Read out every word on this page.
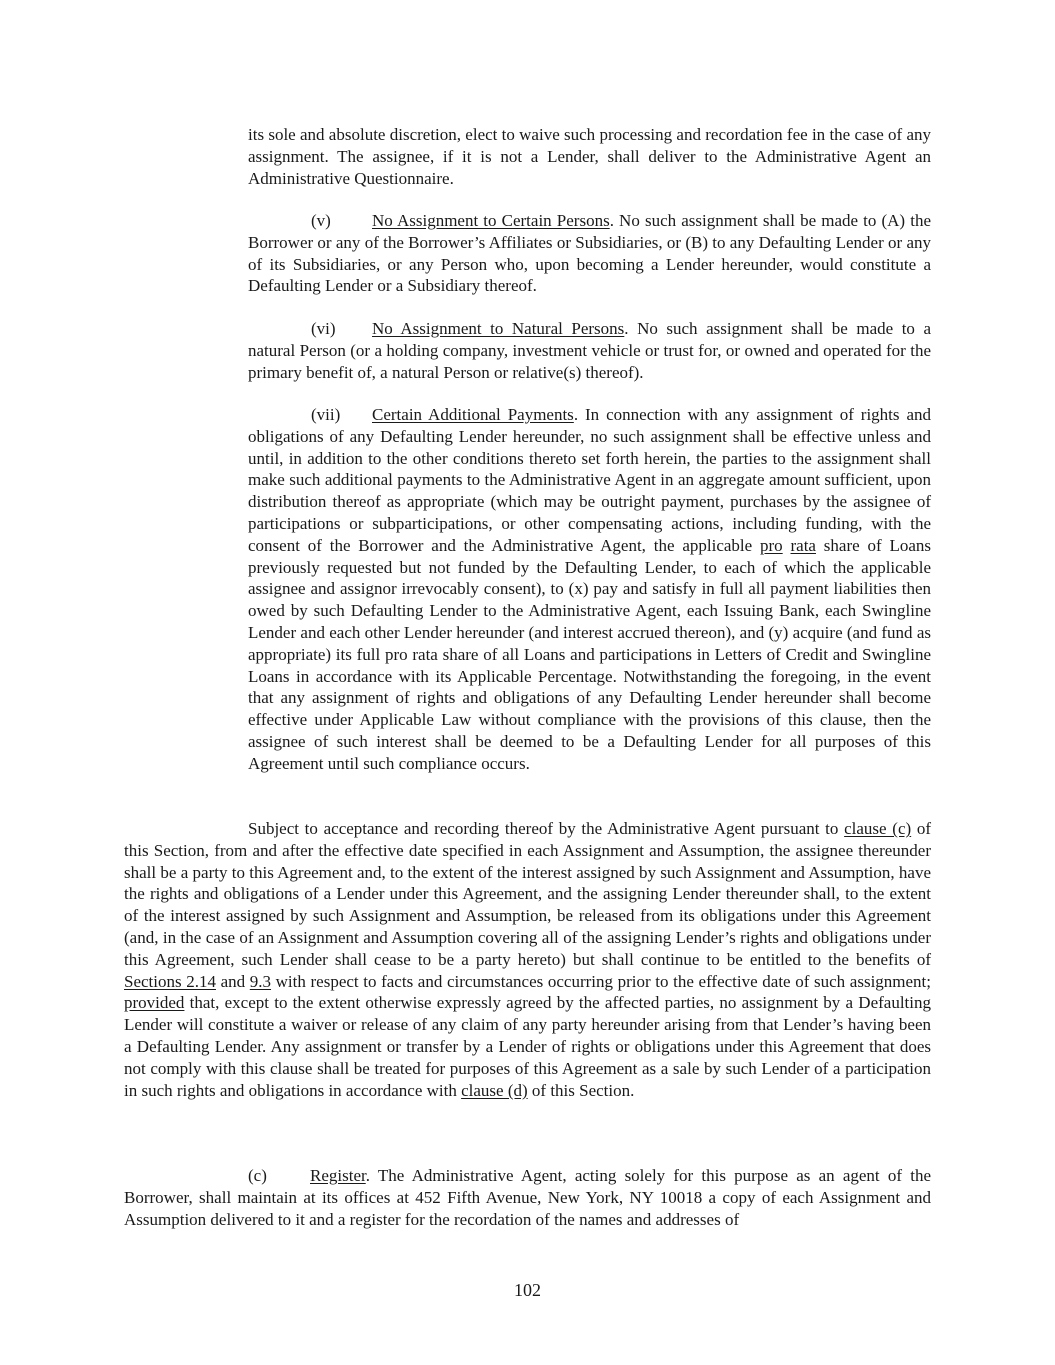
its sole and absolute discretion, elect to waive such processing and recordation fee in the case of any assignment. The assignee, if it is not a Lender, shall deliver to the Administrative Agent an Administrative Questionnaire.

(v) No Assignment to Certain Persons. No such assignment shall be made to (A) the Borrower or any of the Borrower’s Affiliates or Subsidiaries, or (B) to any Defaulting Lender or any of its Subsidiaries, or any Person who, upon becoming a Lender hereunder, would constitute a Defaulting Lender or a Subsidiary thereof.

(vi) No Assignment to Natural Persons. No such assignment shall be made to a natural Person (or a holding company, investment vehicle or trust for, or owned and operated for the primary benefit of, a natural Person or relative(s) thereof).

(vii) Certain Additional Payments. In connection with any assignment of rights and obligations of any Defaulting Lender hereunder, no such assignment shall be effective unless and until, in addition to the other conditions thereto set forth herein, the parties to the assignment shall make such additional payments to the Administrative Agent in an aggregate amount sufficient, upon distribution thereof as appropriate (which may be outright payment, purchases by the assignee of participations or subparticipations, or other compensating actions, including funding, with the consent of the Borrower and the Administrative Agent, the applicable pro rata share of Loans previously requested but not funded by the Defaulting Lender, to each of which the applicable assignee and assignor irrevocably consent), to (x) pay and satisfy in full all payment liabilities then owed by such Defaulting Lender to the Administrative Agent, each Issuing Bank, each Swingline Lender and each other Lender hereunder (and interest accrued thereon), and (y) acquire (and fund as appropriate) its full pro rata share of all Loans and participations in Letters of Credit and Swingline Loans in accordance with its Applicable Percentage. Notwithstanding the foregoing, in the event that any assignment of rights and obligations of any Defaulting Lender hereunder shall become effective under Applicable Law without compliance with the provisions of this clause, then the assignee of such interest shall be deemed to be a Defaulting Lender for all purposes of this Agreement until such compliance occurs.

Subject to acceptance and recording thereof by the Administrative Agent pursuant to clause (c) of this Section, from and after the effective date specified in each Assignment and Assumption, the assignee thereunder shall be a party to this Agreement and, to the extent of the interest assigned by such Assignment and Assumption, have the rights and obligations of a Lender under this Agreement, and the assigning Lender thereunder shall, to the extent of the interest assigned by such Assignment and Assumption, be released from its obligations under this Agreement (and, in the case of an Assignment and Assumption covering all of the assigning Lender’s rights and obligations under this Agreement, such Lender shall cease to be a party hereto) but shall continue to be entitled to the benefits of Sections 2.14 and 9.3 with respect to facts and circumstances occurring prior to the effective date of such assignment; provided that, except to the extent otherwise expressly agreed by the affected parties, no assignment by a Defaulting Lender will constitute a waiver or release of any claim of any party hereunder arising from that Lender’s having been a Defaulting Lender. Any assignment or transfer by a Lender of rights or obligations under this Agreement that does not comply with this clause shall be treated for purposes of this Agreement as a sale by such Lender of a participation in such rights and obligations in accordance with clause (d) of this Section.

(c)	Register. The Administrative Agent, acting solely for this purpose as an agent of the Borrower, shall maintain at its offices at 452 Fifth Avenue, New York, NY 10018 a copy of each Assignment and Assumption delivered to it and a register for the recordation of the names and addresses of

102
